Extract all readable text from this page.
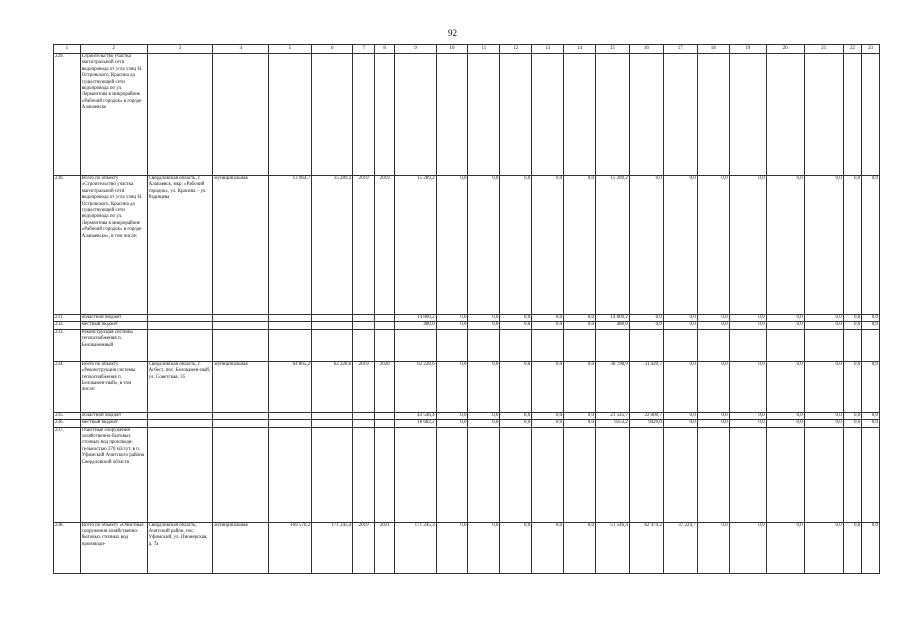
92
1	2	3	4	5	6	7	8	9	10	11	12	13	14	15	16	17	18	19	20	21	22	23
229.	Строительство участка магистральной сети водопровода от угла улиц Н. Островского, Красина до существующей сети водопровода по ул. Лермонтова в микрорайоне «Рабочий городок» в городе Алапаевске																					
230.	Всего по объекту «Строительство участка магистральной сети водопровода от угла улиц Н. Островского, Красина до существующей сети водопровода по ул. Лермонтова в микрорайоне «Рабочий городок» в городе Алапаевске», в том числе:	Свердловская область, г. Алапаевск, мкр. «Рабочий городок», ул. Красина – ул. Радищева	муниципальная	13 964,7	15 289,2	2019	2019	15 289,2	0,0	0,0	0,0	0,0	0,0	15 289,2	0,0	0,0	0,0	0,0	0,0	0,0	0,0	0,0
231.	областной бюджет							14 809,2	0,0	0,0	0,0	0,0	0,0	14 809,2	0,0	0,0	0,0	0,0	0,0	0,0	0,0	0,0
232.	местный бюджет							480,0	0,0	0,0	0,0	0,0	0,0	480,0	0,0	0,0	0,0	0,0	0,0	0,0	0,0	0,0
233.	Реконструкция системы теплоснабжения п. Белокаменный																					
234.	Всего по объекту «Реконструкция системы теплоснабжения п. Белокамен-ный», в том числе:	Свердловская область, г. Асбест, пос. Белокамен-ный, ул. Советская, 35	муниципальная	64 865,2	62 228,6	2019	2020	62 228,6	0,0	0,0	0,0	0,0	0,0	30 798,9	31 429,7	0,0	0,0	0,0	0,0	0,0	0,0	0,0
235.	областной бюджет							43 546,4	0,0	0,0	0,0	0,0	0,0	21 545,7	22 000,7	0,0	0,0	0,0	0,0	0,0	0,0	0,0
236.	местный бюджет							18 682,2	0,0	0,0	0,0	0,0	0,0	9253,2	9429,0	0,0	0,0	0,0	0,0	0,0	0,0	0,0
237.	Очистные сооружения хозяйственно-бытовых сточных вод производи-тельностью 370 м3/сут. в п. Уфимский Ачитского района Свердловской области																					
238.	Всего по объекту «Очистные сооружения хозяйственно-бытовых сточных вод производи-	Свердловская область, Ачитский район, пос. Уфимский, ул. Пионерская, д. 7а	муниципальная	169 570,2	171 245,4	2019	2021	171 245,3	0,0	0,0	0,0	0,0	0,0	51 546,4	82 474,2	37 224,7	0,0	0,0	0,0	0,0	0,0	0,0
